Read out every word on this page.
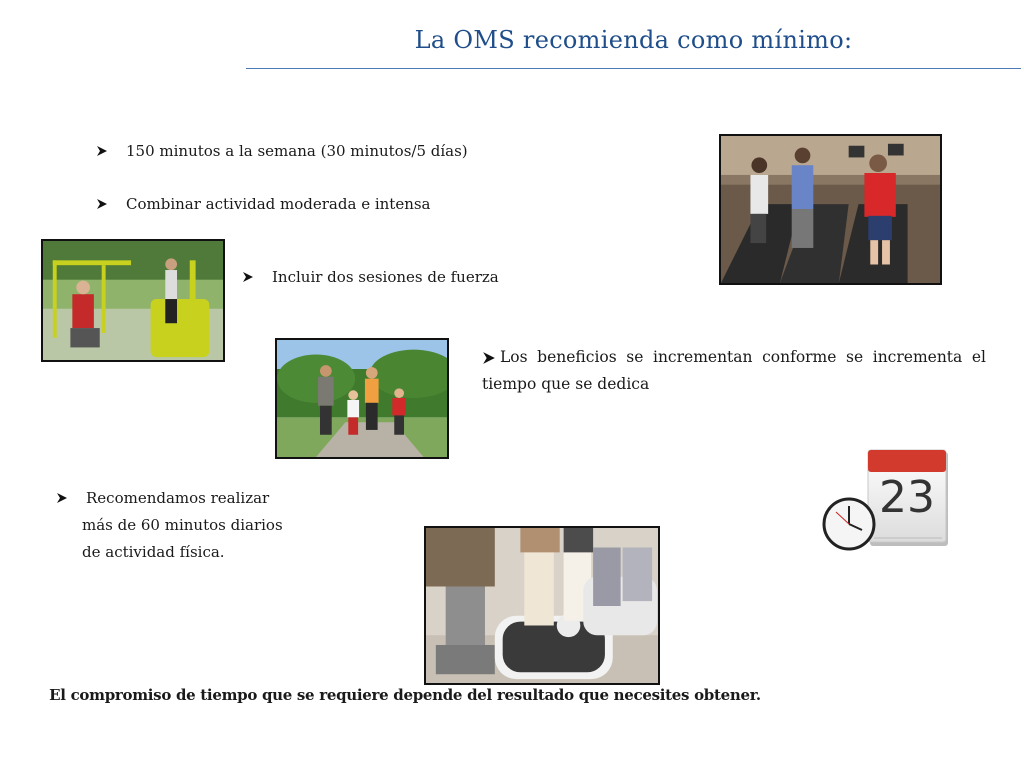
La OMS recomienda como mínimo:
150 minutos a la semana (30 minutos/5 días)
Combinar actividad moderada e intensa
Incluir dos sesiones de fuerza
Los beneficios se incrementan conforme se incrementa el tiempo que se dedica
Recomendamos realizar
más de 60 minutos diarios
de actividad física.
23
El compromiso de tiempo que se requiere depende del resultado que necesites obtener.
